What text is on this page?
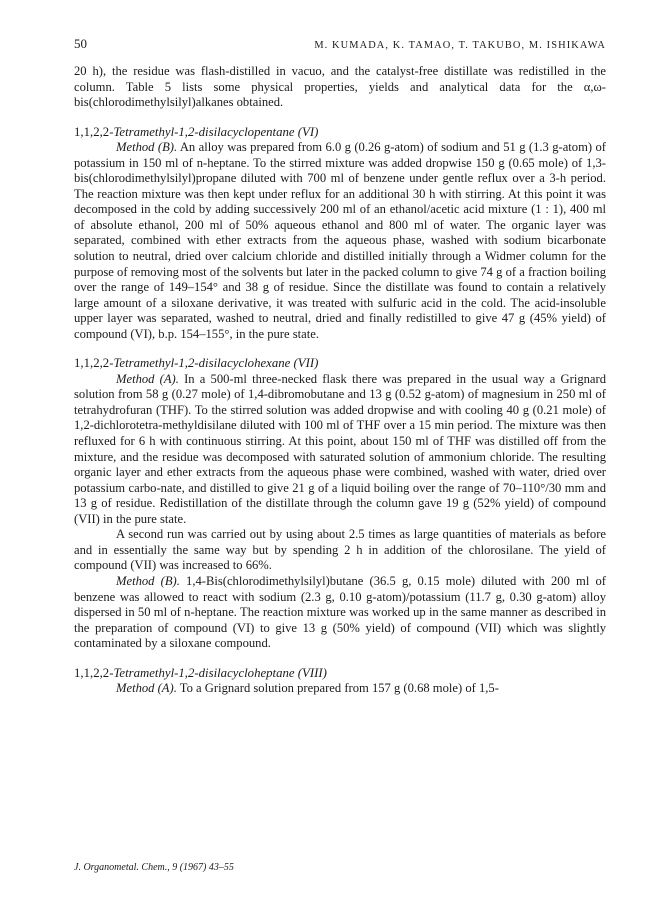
50	M. KUMADA, K. TAMAO, T. TAKUBO, M. ISHIKAWA

20 h), the residue was flash-distilled in vacuo, and the catalyst-free distillate was redistilled in the column. Table 5 lists some physical properties, yields and analytical data for the α,ω-bis(chlorodimethylsilyl)alkanes obtained.

1,1,2,2-Tetramethyl-1,2-disilacyclopentane (VI)

Method (B). An alloy was prepared from 6.0 g (0.26 g-atom) of sodium and 51 g (1.3 g-atom) of potassium in 150 ml of n-heptane. To the stirred mixture was added dropwise 150 g (0.65 mole) of 1,3-bis(chlorodimethylsilyl)propane diluted with 700 ml of benzene under gentle reflux over a 3-h period. The reaction mixture was then kept under reflux for an additional 30 h with stirring. At this point it was decomposed in the cold by adding successively 200 ml of an ethanol/acetic acid mixture (1 : 1), 400 ml of absolute ethanol, 200 ml of 50% aqueous ethanol and 800 ml of water. The organic layer was separated, combined with ether extracts from the aqueous phase, washed with sodium bicarbonate solution to neutral, dried over calcium chloride and distilled initially through a Widmer column for the purpose of removing most of the solvents but later in the packed column to give 74 g of a fraction boiling over the range of 149–154° and 38 g of residue. Since the distillate was found to contain a relatively large amount of a siloxane derivative, it was treated with sulfuric acid in the cold. The acid-insoluble upper layer was separated, washed to neutral, dried and finally redistilled to give 47 g (45% yield) of compound (VI), b.p. 154–155°, in the pure state.

1,1,2,2-Tetramethyl-1,2-disilacyclohexane (VII)

Method (A). In a 500-ml three-necked flask there was prepared in the usual way a Grignard solution from 58 g (0.27 mole) of 1,4-dibromobutane and 13 g (0.52 g-atom) of magnesium in 250 ml of tetrahydrofuran (THF). To the stirred solution was added dropwise and with cooling 40 g (0.21 mole) of 1,2-dichlorotetra-methyldisilane diluted with 100 ml of THF over a 15 min period. The mixture was then refluxed for 6 h with continuous stirring. At this point, about 150 ml of THF was distilled off from the mixture, and the residue was decomposed with saturated solution of ammonium chloride. The resulting organic layer and ether extracts from the aqueous phase were combined, washed with water, dried over potassium carbo-nate, and distilled to give 21 g of a liquid boiling over the range of 70–110°/30 mm and 13 g of residue. Redistillation of the distillate through the column gave 19 g (52% yield) of compound (VII) in the pure state.

A second run was carried out by using about 2.5 times as large quantities of materials as before and in essentially the same way but by spending 2 h in addition of the chlorosilane. The yield of compound (VII) was increased to 66%.

Method (B). 1,4-Bis(chlorodimethylsilyl)butane (36.5 g, 0.15 mole) diluted with 200 ml of benzene was allowed to react with sodium (2.3 g, 0.10 g-atom)/potassium (11.7 g, 0.30 g-atom) alloy dispersed in 50 ml of n-heptane. The reaction mixture was worked up in the same manner as described in the preparation of compound (VI) to give 13 g (50% yield) of compound (VII) which was slightly contaminated by a siloxane compound.

1,1,2,2-Tetramethyl-1,2-disilacycloheptane (VIII)

Method (A). To a Grignard solution prepared from 157 g (0.68 mole) of 1,5-

J. Organometal. Chem., 9 (1967) 43–55
